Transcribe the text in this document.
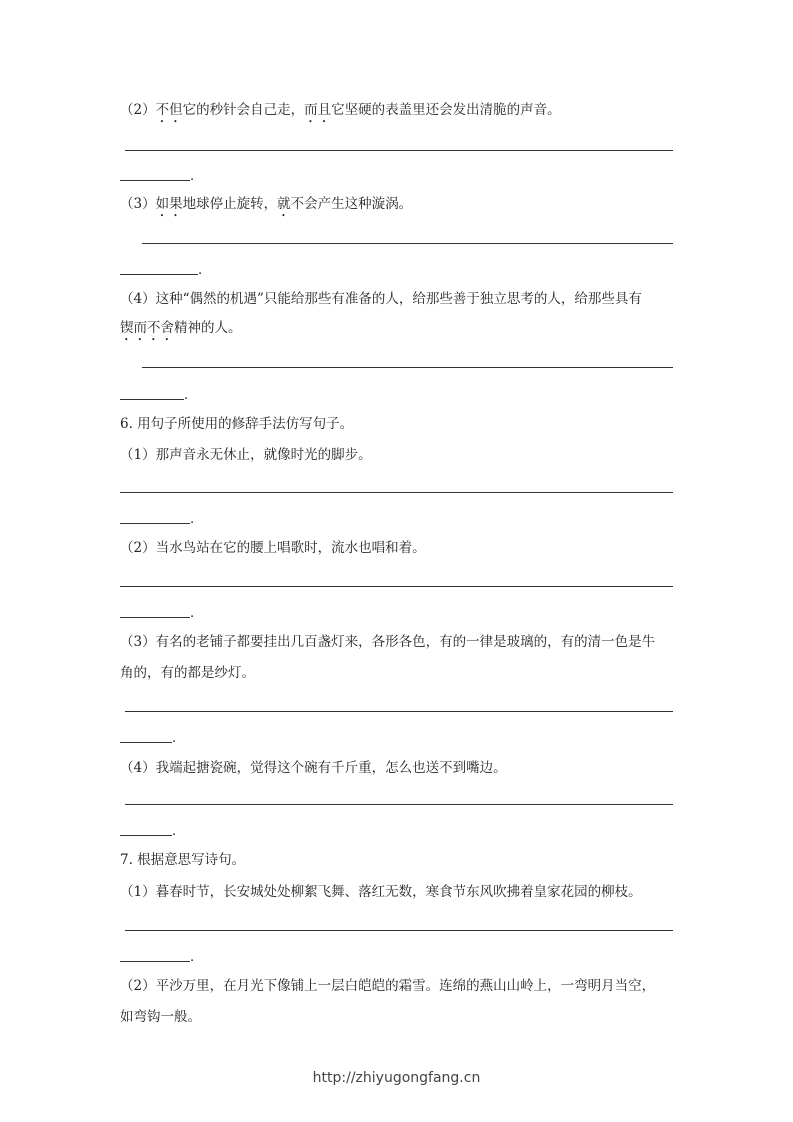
（2）不但它的秒针会自己走，而且它坚硬的表盖里还会发出清脆的声音。
.
（3）如果地球停止旋转，就不会产生这种漩涡。
.
（4）这种“偶然的机遇”只能给那些有准备的人，给那些善于独立思考的人，给那些具有
锲而不舍精神的人。
.
6. 用句子所使用的修辞手法仿写句子。
（1）那声音永无休止，就像时光的脚步。
.
（2）当水鸟站在它的腰上唱歌时，流水也唱和着。
.
（3）有名的老铺子都要挂出几百盏灯来，各形各色，有的一律是玻璃的，有的清一色是牛
角的，有的都是纱灯。
.
（4）我端起搪瓷碗，觉得这个碗有千斤重，怎么也送不到嘴边。
.
7. 根据意思写诗句。
（1）暮春时节，长安城处处柳絮飞舞、落红无数，寒食节东风吹拂着皇家花园的柳枝。
.
（2）平沙万里，在月光下像铺上一层白皑皑的霜雪。连绵的燕山山岭上，一弯明月当空，
如弯钩一般。
http://zhiyugongfang.cn
